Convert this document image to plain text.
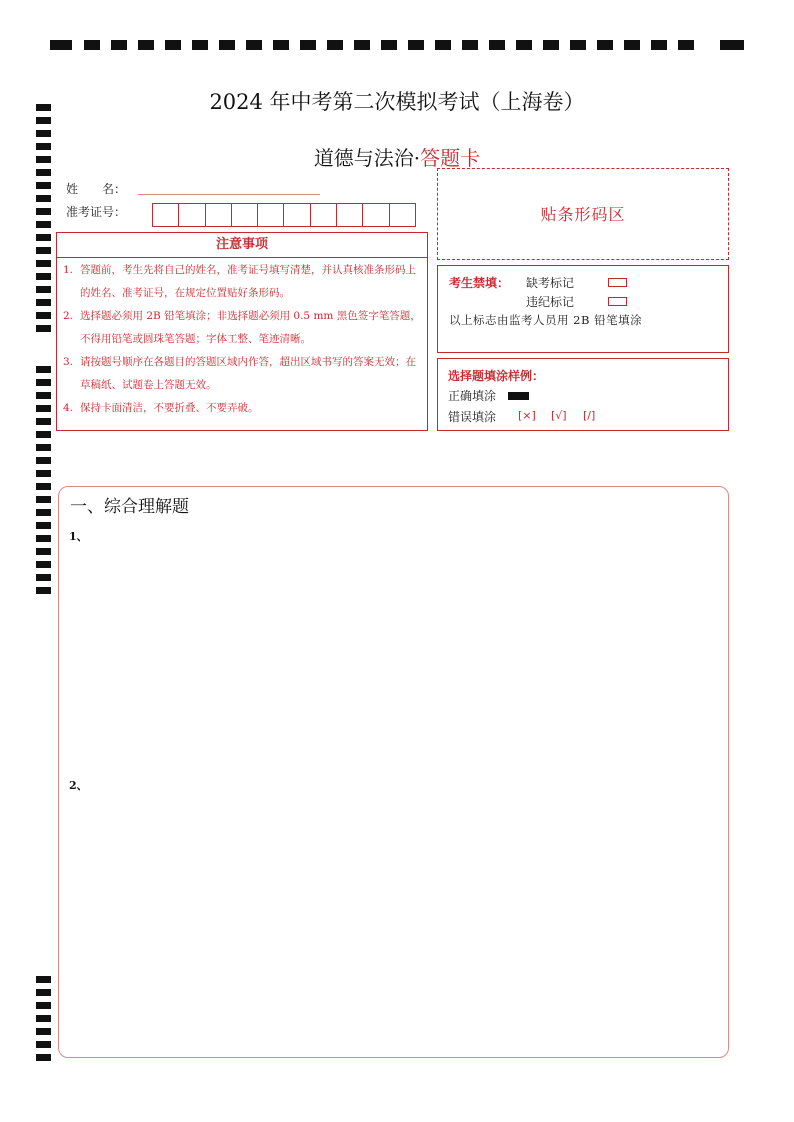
2024 年中考第二次模拟考试（上海卷）
道德与法治·答题卡
姓　　名：
准考证号：
注意事项
1. 答题前，考生先将自己的姓名，准考证号填写清楚，并认真核准条形码上的姓名、准考证号，在规定位置贴好条形码。
2. 选择题必须用 2B 铅笔填涂；非选择题必须用 0.5 mm 黑色签字笔答题，不得用铅笔或圆珠笔答题；字体工整、笔迹清晰。
3. 请按题号顺序在各题目的答题区域内作答，超出区域书写的答案无效；在草稿纸、试题卷上答题无效。
4. 保持卡面清洁，不要折叠、不要弄破。
贴条形码区
考生禁填： 缺考标记
违纪标记
以上标志由监考人员用 2B 铅笔填涂
选择题填涂样例：
正确填涂
错误填涂 [×] [√] [/]
一、综合理解题
1、
2、
